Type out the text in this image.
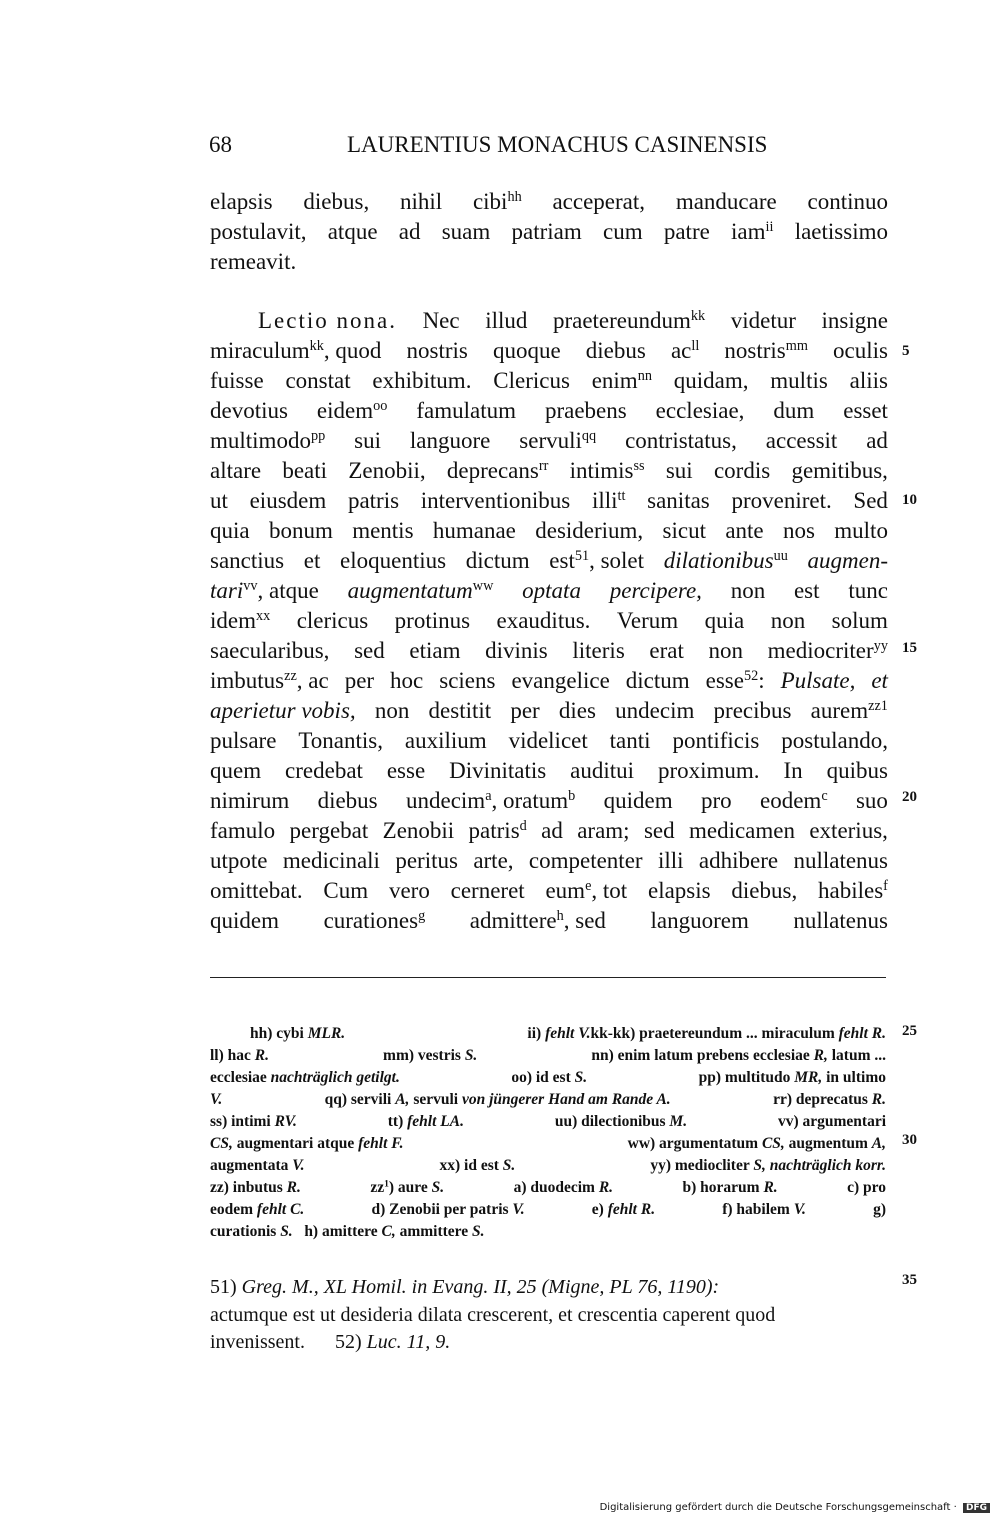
68	LAURENTIUS MONACHUS CASINENSIS
elapsis diebus, nihil cibi$^{hh}$ acceperat, manducare continuo
postulavit, atque ad suam patriam cum patre iam$^{ii}$ laetissimo
remeavit.
Lectio nona. Nec illud praetereundum$^{kk}$ videtur insigne
miraculum$^{kk}$, quod nostris quoque diebus $ac^{ll}$ nostris$^{mm}$ oculis
fuisse constat exhibitum. Clericus enim$^{nn}$ quidam, multis aliis
devotius eidem$^{oo}$ famulatum praebens ecclesiae, dum esset
multimodo$^{pp}$ sui languore servuli$^{qq}$ contristatus, accessit ad
altare beati Zenobii, deprecans$^{rr}$ intimis$^{ss}$ sui cordis gemitibus,
ut eiusdem patris interventionibus illi$^{tt}$ sanitas proveniret. Sed
quia bonum mentis humanae desiderium, sicut ante nos multo
sanctius et eloquentius dictum est$^{51}$, solet dilationibus$^{uu}$ augmen-
tari$^{vv}$, atque augmentatum$^{ww}$ optata percipere, non est tunc
idem$^{xx}$ clericus protinus exauditus. Verum quia non solum
saecularibus, sed etiam divinis literis erat non mediocriter$^{yy}$
imbutus$^{zz}$, ac per hoc sciens evangelice dictum esse$^{52}$: Pulsate, et
aperietur vobis, non destitit per dies undecim precibus aurem$^{zz1}$
pulsare Tonantis, auxilium videlicet tanti pontificis postulando,
quem credebat esse Divinitatis auditui proximum. In quibus
nimirum diebus undecim$^a$, oratum$^b$ quidem pro eodem$^c$ suo
famulo pergebat Zenobii patris$^d$ ad aram; sed medicamen exterius,
utpote medicinali peritus arte, competenter illi adhibere nullatenus
omittebat. Cum vero cerneret eum$^e$, tot elapsis diebus, habiles$^f$
quidem curationes$^g$ admittere$^h$, sed languorem nullatenus
5
10
15
20
25
30
35
hh) cybi MLR.	ii) fehlt V.kk-kk) praetereundum ... miraculum fehlt R.
ll) hac R.	mm) vestris S.	nn) enim latum prebens ecclesiae R, latum ...
ecclesiae nachträglich getilgt.	oo) id est S.	pp) multitudo MR, in ultimo
V.	qq) servili A, servuli von jüngerer Hand am Rande A.	rr) deprecatus R.
ss) intimi RV.	tt) fehlt LA.	uu) dilectionibus M.	vv) argumentari
CS, augmentari atque fehlt F.	ww) argumentatum CS, augmentum A,
augmentata V.	xx) id est S.	yy) mediocliter S, nachträglich korr.
zz) inbutus R.	$zz^1$) aure S.	a) duodecim R.	b) horarum R.	c) pro
eodem fehlt C.	d) Zenobii per patris V.	e) fehlt R.	f) habilem V.	g)
curationis S. h) amittere C, ammittere S.
51) Greg. M., XL Homil. in Evang. II, 25 (Migne, PL 76, 1190):
actumque est ut desideria dilata crescerent, et crescentia caperent quod
invenissent. 52) Luc. 11, 9.
Digitalisierung gefördert durch die Deutsche Forschungsgemeinschaft · DFG
